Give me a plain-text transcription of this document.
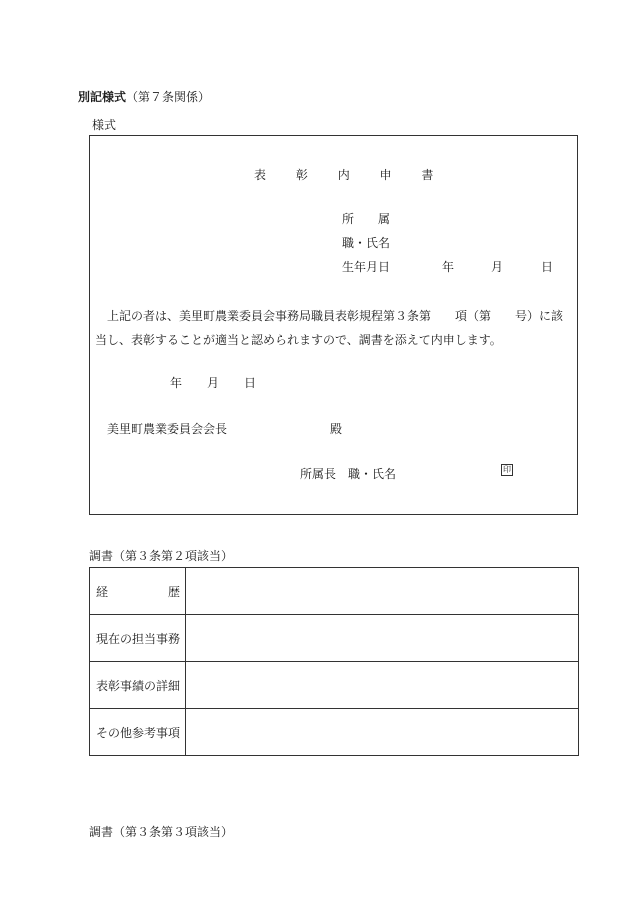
別記様式（第７条関係）
様式
表 彰 内 申 書
所　　属
職・氏名
生年月日	年	月	日
　上記の者は、美里町農業委員会事務局職員表彰規程第３条第　　項（第　　号）に該当し、表彰することが適当と認められますので、調書を添えて内申します。
年 月 日
美里町農業委員会会長	殿
所属長　職・氏名	印
調書（第３条第２項該当）
経 歴	

現在の担当事務	
表彰事績の詳細	
その他参考事項	
調書（第３条第３項該当）
